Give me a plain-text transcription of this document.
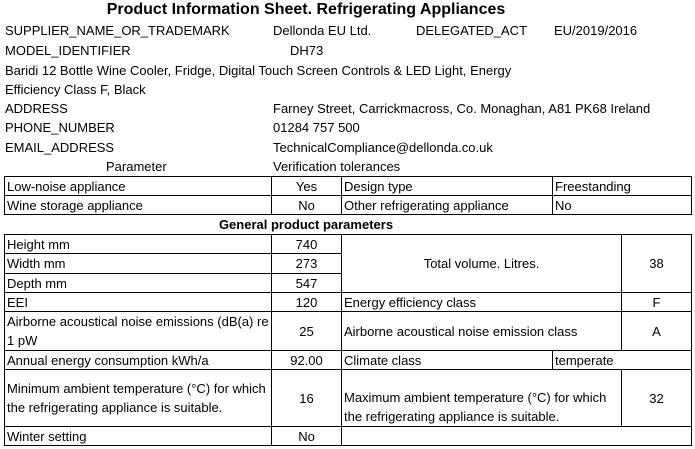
Product Information Sheet. Refrigerating Appliances
SUPPLIER_NAME_OR_TRADEMARK	Dellonda EU Ltd.	DELEGATED_ACT EU/2019/2016
MODEL_IDENTIFIER	DH73
Baridi 12 Bottle Wine Cooler, Fridge, Digital Touch Screen Controls & LED Light, Energy
Efficiency Class F, Black
ADDRESS	Farney Street, Carrickmacross, Co. Monaghan, A81 PK68 Ireland
PHONE_NUMBER	01284 757 500
EMAIL_ADDRESS	TechnicalCompliance@dellonda.co.uk
Parameter	Verification tolerances
Low-noise appliance	Yes	Design type	Freestanding
Wine storage appliance	No	Other refrigerating appliance	No
General product parameters
Height mm	740	Total volume. Litres.		38
Width mm	273			
Depth mm	547			
EEI	120	Energy efficiency class		F
Airborne acoustical noise emissions (dB(a) re 1 pW	25	Airborne acoustical noise emission class		A
Annual energy consumption kWh/a	92.00	Climate class	temperate	
Minimum ambient temperature (°C) for which the refrigerating appliance is suitable.	16	Maximum ambient temperature (°C) for which the refrigerating appliance is suitable.		32
Winter setting	No			
